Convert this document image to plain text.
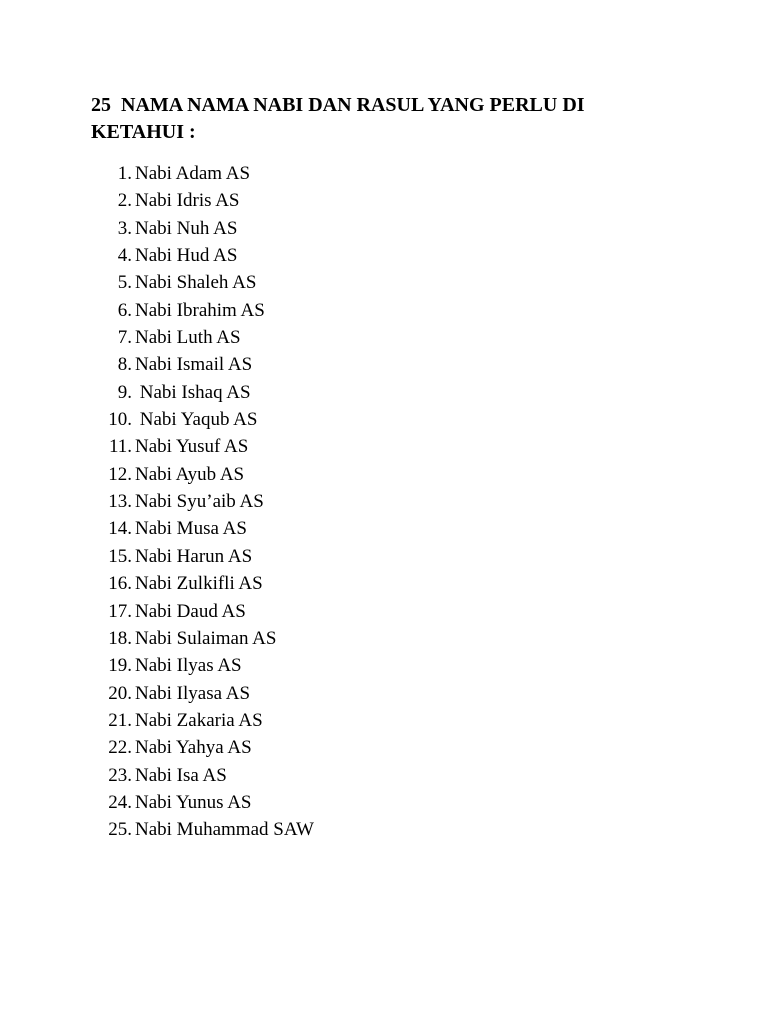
25  NAMA NAMA NABI DAN RASUL YANG PERLU DI KETAHUI :
1. Nabi Adam AS
2. Nabi Idris AS
3. Nabi Nuh AS
4. Nabi Hud AS
5. Nabi Shaleh AS
6. Nabi Ibrahim AS
7. Nabi Luth AS
8. Nabi Ismail AS
9. Nabi Ishaq AS
10. Nabi Yaqub AS
11. Nabi Yusuf AS
12. Nabi Ayub AS
13. Nabi Syu’aib AS
14. Nabi Musa AS
15. Nabi Harun AS
16. Nabi Zulkifli AS
17. Nabi Daud AS
18. Nabi Sulaiman AS
19. Nabi Ilyas AS
20. Nabi Ilyasa AS
21. Nabi Zakaria AS
22. Nabi Yahya AS
23. Nabi Isa AS
24. Nabi Yunus AS
25. Nabi Muhammad SAW
